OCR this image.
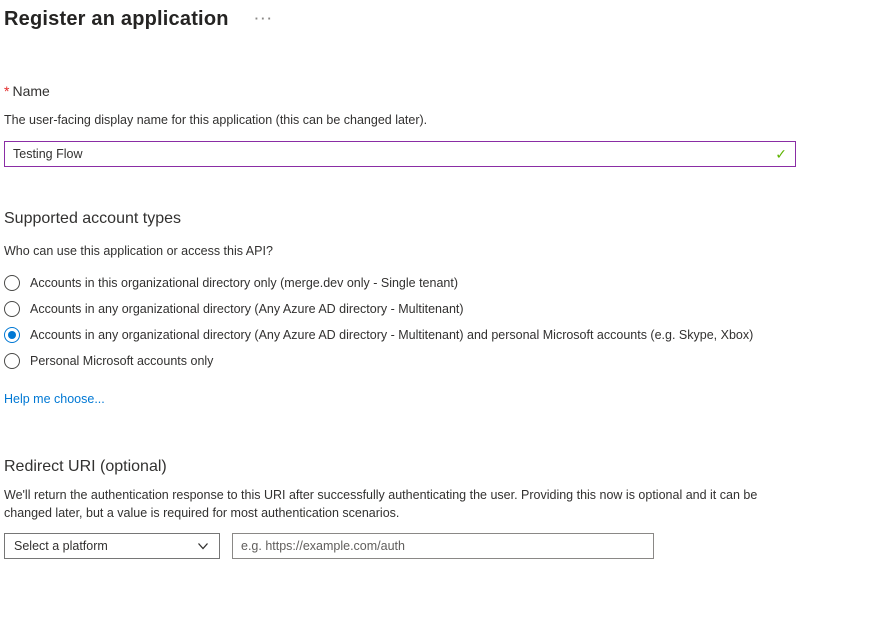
Register an application ···
* Name
The user-facing display name for this application (this can be changed later).
Testing Flow
✓
Supported account types
Who can use this application or access this API?
Accounts in this organizational directory only (merge.dev only - Single tenant)
Accounts in any organizational directory (Any Azure AD directory - Multitenant)
Accounts in any organizational directory (Any Azure AD directory - Multitenant) and personal Microsoft accounts (e.g. Skype, Xbox)
Personal Microsoft accounts only
Help me choose...
Redirect URI (optional)
We'll return the authentication response to this URI after successfully authenticating the user. Providing this now is optional and it can be changed later, but a value is required for most authentication scenarios.
Select a platform
e.g. https://example.com/auth
